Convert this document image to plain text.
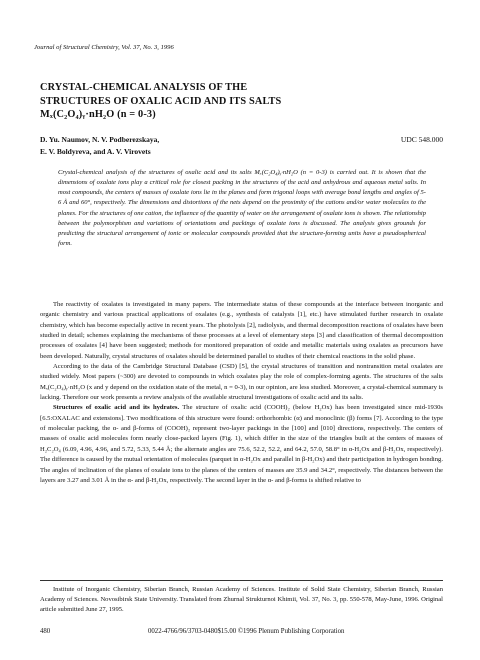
Journal of Structural Chemistry, Vol. 37, No. 3, 1996
CRYSTAL-CHEMICAL ANALYSIS OF THE
STRUCTURES OF OXALIC ACID AND ITS SALTS
Mₓ(C₂O₄)ᵧ·nH₂O (n = 0-3)
D. Yu. Naumov, N. V. Podberezskaya,
E. V. Boldyreva, and A. V. Virovets
UDC 548.000
Crystal-chemical analysis of the structures of oxalic acid and its salts Mₓ(C₂O₄)ᵧ·nH₂O (n = 0-3) is carried out. It is shown that the dimensions of oxalate ions play a critical role for closest packing in the structures of the acid and anhydrous and aqueous metal salts. In most compounds, the centers of masses of oxalate ions lie in the planes and form trigonal loops with average bond lengths and angles of 5-6 Å and 60°, respectively. The dimensions and distortions of the nets depend on the proximity of the cations and/or water molecules to the planes. For the structures of one cation, the influence of the quantity of water on the arrangement of oxalate ions is shown. The relationship between the polymorphism and variations of orientations and packings of oxalate ions is discussed. The analysis gives grounds for predicting the structural arrangement of ionic or molecular compounds provided that the structure-forming units have a pseudospherical form.

The reactivity of oxalates is investigated in many papers. The intermediate status of these compounds at the interface between inorganic and organic chemistry and various practical applications of oxalates (e.g., synthesis of catalysts [1], etc.) have stimulated further research in oxalate chemistry, which has become especially active in recent years. The photolysis [2], radiolysis, and thermal decomposition reactions of oxalates have been studied in detail; schemes explaining the mechanisms of these processes at a level of elementary steps [3] and classification of thermal decomposition processes of oxalates [4] have been suggested; methods for monitored preparation of oxide and metallic materials using oxalates as precursors have been developed. Naturally, crystal structures of oxalates should be determined parallel to studies of their chemical reactions in the solid phase.

According to the data of the Cambridge Structural Database (CSD) [5], the crystal structures of transition and nontransition metal oxalates are studied widely. Most papers (~300) are devoted to compounds in which oxalates play the role of complex-forming agents. The structures of the salts Mₓ(C₂O₄)ᵧ·nH₂O (x and y depend on the oxidation state of the metal, n = 0-3), in our opinion, are less studied. Moreover, a crystal-chemical summary is lacking. Therefore our work presents a review analysis of the available structural investigations of oxalic acid and its salts.

Structures of oxalic acid and its hydrates. The structure of oxalic acid (COOH)₂ (below H₂Ox) has been investigated since mid-1930s [6.5:OXALAC and extensions]. Two modifications of this structure were found: orthorhombic (α) and monoclinic (β) forms [7]. According to the type of molecular packing, the α- and β-forms of (COOH)₂ represent two-layer packings in the [100] and [010] directions, respectively. The centers of masses of oxalic acid molecules form nearly close-packed layers (Fig. 1), which differ in the size of the triangles built at the centers of masses of H₂C₂O₄ (6.09, 4.96, 4.96, and 5.72, 5.33, 5.44 Å; the alternate angles are 75.6, 52.2, 52.2, and 64.2, 57.0, 58.8° in α-H₂Ox and β-H₂Ox, respectively). The difference is caused by the mutual orientation of molecules (parquet in α-H₂Ox and parallel in β-H₂Ox) and their participation in hydrogen bonding. The angles of inclination of the planes of oxalate ions to the planes of the centers of masses are 35.9 and 34.2°, respectively. The distances between the layers are 3.27 and 3.01 Å in the α- and β-H₂Ox, respectively. The second layer in the α- and β-forms is shifted relative to

Institute of Inorganic Chemistry, Siberian Branch, Russian Academy of Sciences. Institute of Solid State Chemistry, Siberian Branch, Russian Academy of Sciences. Novosibirsk State University. Translated from Zhurnal Strukturnoi Khimii, Vol. 37, No. 3, pp. 550-578, May-June, 1996. Original article submitted June 27, 1995.

480	0022-4766/96/3703-0480$15.00 ©1996 Plenum Publishing Corporation
